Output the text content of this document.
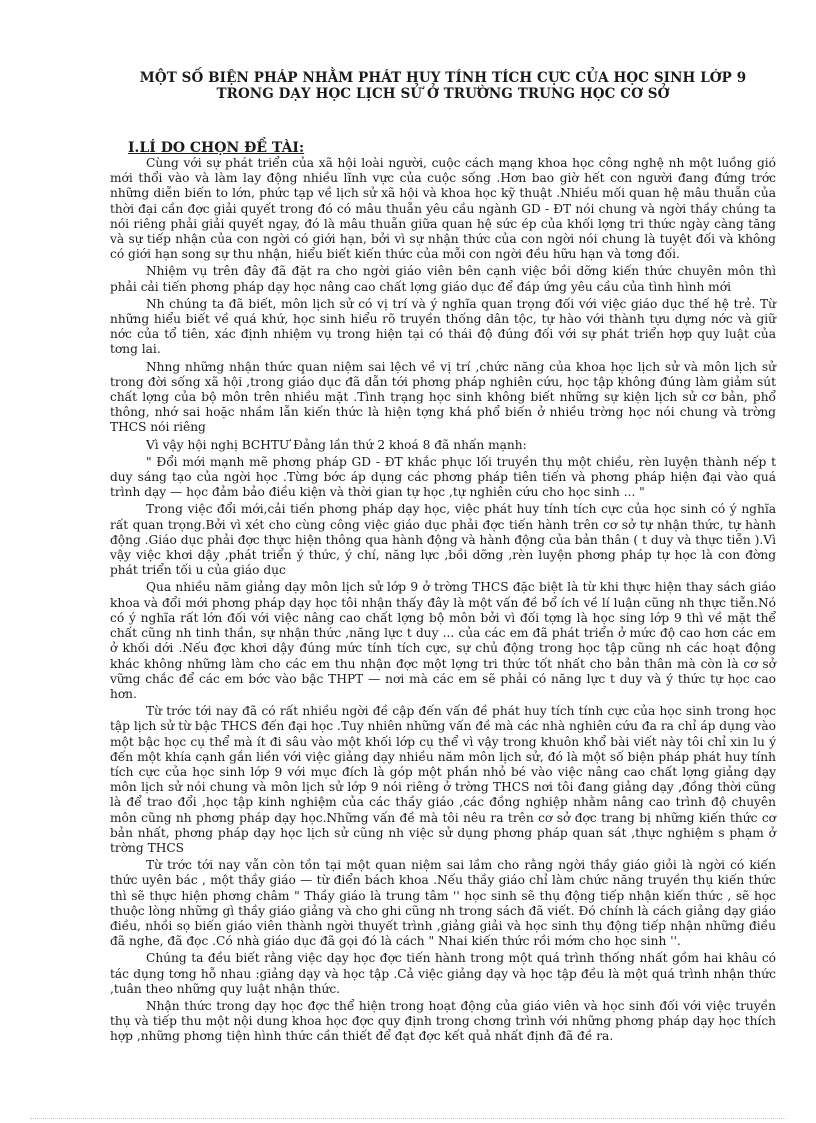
MỘT SỐ BIỆN PHÁP NHẰM PHÁT HUY TÍNH TÍCH CỰC CỦA HỌC SINH LỚP 9
TRONG DẠY HỌC LỊCH SỬ Ở TRƯỜNG TRUNG HỌC CƠ SỞ
I.LÍ DO CHỌN ĐỀ TÀI:

Cùng với sự phát triển của xã hội loài người, cuộc cách mạng khoa học công nghệ nh một luồng gió mới thổi vào và làm lay động nhiều lĩnh vực của cuộc sống .Hơn bao giờ hết con người đang đứng trớc những diễn biến to lớn, phức tạp về lịch sử xã hội và khoa học kỹ thuật .Nhiều mối quan hệ mâu thuẫn của thời đại cần đợc giải quyết trong đó có mâu thuẫn yêu cầu ngành GD - ĐT nói chung và ngời thầy chúng ta nói riêng phải giải quyết ngay, đó là mâu thuẫn giữa quan hệ sức ép của khối lợng tri thức ngày càng tăng và sự tiếp nhận của con ngời có giới hạn, bởi vì sự nhận thức của con ngời nói chung là tuyệt đối và không có giới hạn song sự thu nhận, hiểu biết kiến thức của mỗi con ngời đều hữu hạn và tơng đối.

Nhiệm vụ trên đây đã đặt ra cho ngời giáo viên bên cạnh việc bồi dỡng kiến thức chuyên môn thì phải cải tiến phơng pháp dạy học nâng cao chất lợng giáo dục để đáp ứng yêu cầu của tình hình mới

Nh chúng ta đã biết, môn lịch sử có vị trí và ý nghĩa quan trọng đối với việc giáo dục thế hệ trẻ. Từ những hiểu biết về quá khứ, học sinh hiểu rõ truyền thống dân tộc, tự hào với thành tựu dựng nớc và giữ nớc của tổ tiên, xác định nhiệm vụ trong hiện tại có thái độ đúng đối với sự phát triển hợp quy luật của tơng lai.

Nhng những nhận thức quan niệm sai lệch về vị trí ,chức năng của khoa học lịch sử và môn lịch sử trong đời sống xã hội ,trong giáo dục đã dẫn tới phơng pháp nghiên cứu, học tập không đúng làm giảm sút chất lợng của bộ môn trên nhiều mặt .Tình trạng học sinh không biết những sự kiện lịch sử cơ bản, phổ thông, nhớ sai hoặc nhầm lẫn kiến thức là hiện tợng khá phổ biến ở nhiều trờng học nói chung và trờng THCS nói riêng

Vì vậy hội nghị BCHTƯ Đảng lần thứ 2 khoá 8 đã nhấn mạnh:

" Đổi mới mạnh mẽ phơng pháp GD - ĐT khắc phục lối truyền thụ một chiều, rèn luyện thành nếp t duy sáng tạo của ngời học .Từng bớc áp dụng các phơng pháp tiên tiến và phơng pháp hiện đại vào quá trình dạy — học đảm bảo điều kiện và thời gian tự học ,tự nghiên cứu cho học sinh ... "

Trong việc đổi mới,cải tiến phơng pháp dạy học, việc phát huy tính tích cực của học sinh có ý nghĩa rất quan trọng.Bởi vì xét cho cùng công việc giáo dục phải đợc tiến hành trên cơ sở tự nhận thức, tự hành động .Giáo dục phải đợc thực hiện thông qua hành động và hành động của bản thân ( t duy và thực tiễn ).Vì vậy việc khơi dậy ,phát triển ý thức, ý chí, năng lực ,bồi dỡng ,rèn luyện phơng pháp tự học là con đờng phát triển tối u của giáo dục

Qua nhiều năm giảng dạy môn lịch sử lớp 9 ở trờng THCS đặc biệt là từ khi thực hiện thay sách giáo khoa và đổi mới phơng pháp dạy học tôi nhận thấy đây là một vấn đề bổ ích về lí luận cũng nh thực tiễn.Nó có ý nghĩa rất lớn đối với việc nâng cao chất lợng bộ môn bởi vì đối tợng là học sing lớp 9 thì về mặt thể chất cũng nh tinh thần, sự nhận thức ,năng lực t duy ... của các em đã phát triển ở mức độ cao hơn các em ở khối dới .Nếu đợc khơi dậy đúng mức tính tích cực, sự chủ động trong học tập cũng nh các hoạt động khác không những làm cho các em thu nhận đợc một lợng tri thức tốt nhất cho bản thân mà còn là cơ sở vững chắc để các em bớc vào bậc THPT — nơi mà các em sẽ phải có năng lực t duy và ý thức tự học cao hơn.

Từ trớc tới nay đã có rất nhiều ngời đề cập đến vấn đề phát huy tích tính cực của học sinh trong học tập lịch sử từ bậc THCS đến đại học .Tuy nhiên những vấn đề mà các nhà nghiên cứu đa ra chỉ áp dụng vào một bậc học cụ thể mà ít đi sâu vào một khối lớp cụ thể vì vậy trong khuôn khổ bài viết này tôi chỉ xin lu ý đến một khía cạnh gắn liền với việc giảng dạy nhiều năm môn lịch sử, đó là một số biện pháp phát huy tính tích cực của học sinh lớp 9 với mục đích là góp một phần nhỏ bé vào việc nâng cao chất lợng giảng dạy môn lịch sử nói chung và môn lịch sử lớp 9 nói riêng ở trờng THCS nơi tôi đang giảng dạy ,đồng thời cũng là để trao đổi ,học tập kinh nghiệm của các thầy giáo ,các đồng nghiệp nhằm nâng cao trình độ chuyên môn cũng nh phơng pháp dạy học.Những vấn đề mà tôi nêu ra trên cơ sở đợc trang bị những kiến thức cơ bản nhất, phơng pháp dạy học lịch sử cũng nh việc sử dụng phơng pháp quan sát ,thực nghiệm s phạm ở trờng THCS

Từ trớc tới nay vẫn còn tồn tại một quan niệm sai lầm cho rằng ngời thầy giáo giỏi là ngời có kiến thức uyên bác , một thầy giáo — từ điển bách khoa .Nếu thầy giáo chỉ làm chức năng truyền thụ kiến thức thì sẽ thực hiện phơng châm " Thầy giáo là trung tâm '' học sinh sẽ thụ động tiếp nhận kiến thức , sẽ học thuộc lòng những gì thầy giáo giảng và cho ghi cũng nh trong sách đã viết. Đó chính là cách giảng dạy giáo điều, nhồi sọ biến giáo viên thành ngời thuyết trình ,giảng giải và học sinh thụ động tiếp nhận những điều đã nghe, đã đọc .Có nhà giáo dục đã gọi đó là cách " Nhai kiến thức rồi mớm cho học sinh ''.

Chúng ta đều biết rằng việc dạy học đợc tiến hành trong một quá trình thống nhất gồm hai khâu có tác dụng tơng hỗ nhau :giảng dạy và học tập .Cả việc giảng dạy và học tập đều là một quá trình nhận thức ,tuân theo những quy luật nhận thức.

Nhận thức trong dạy học đợc thể hiện trong hoạt động của giáo viên và học sinh đối với việc truyền thụ và tiếp thu một nội dung khoa học đợc quy định trong chơng trình với những phơng pháp dạy học thích hợp ,những phơng tiện hình thức cần thiết để đạt đợc kết quả nhất định đã đề ra.
